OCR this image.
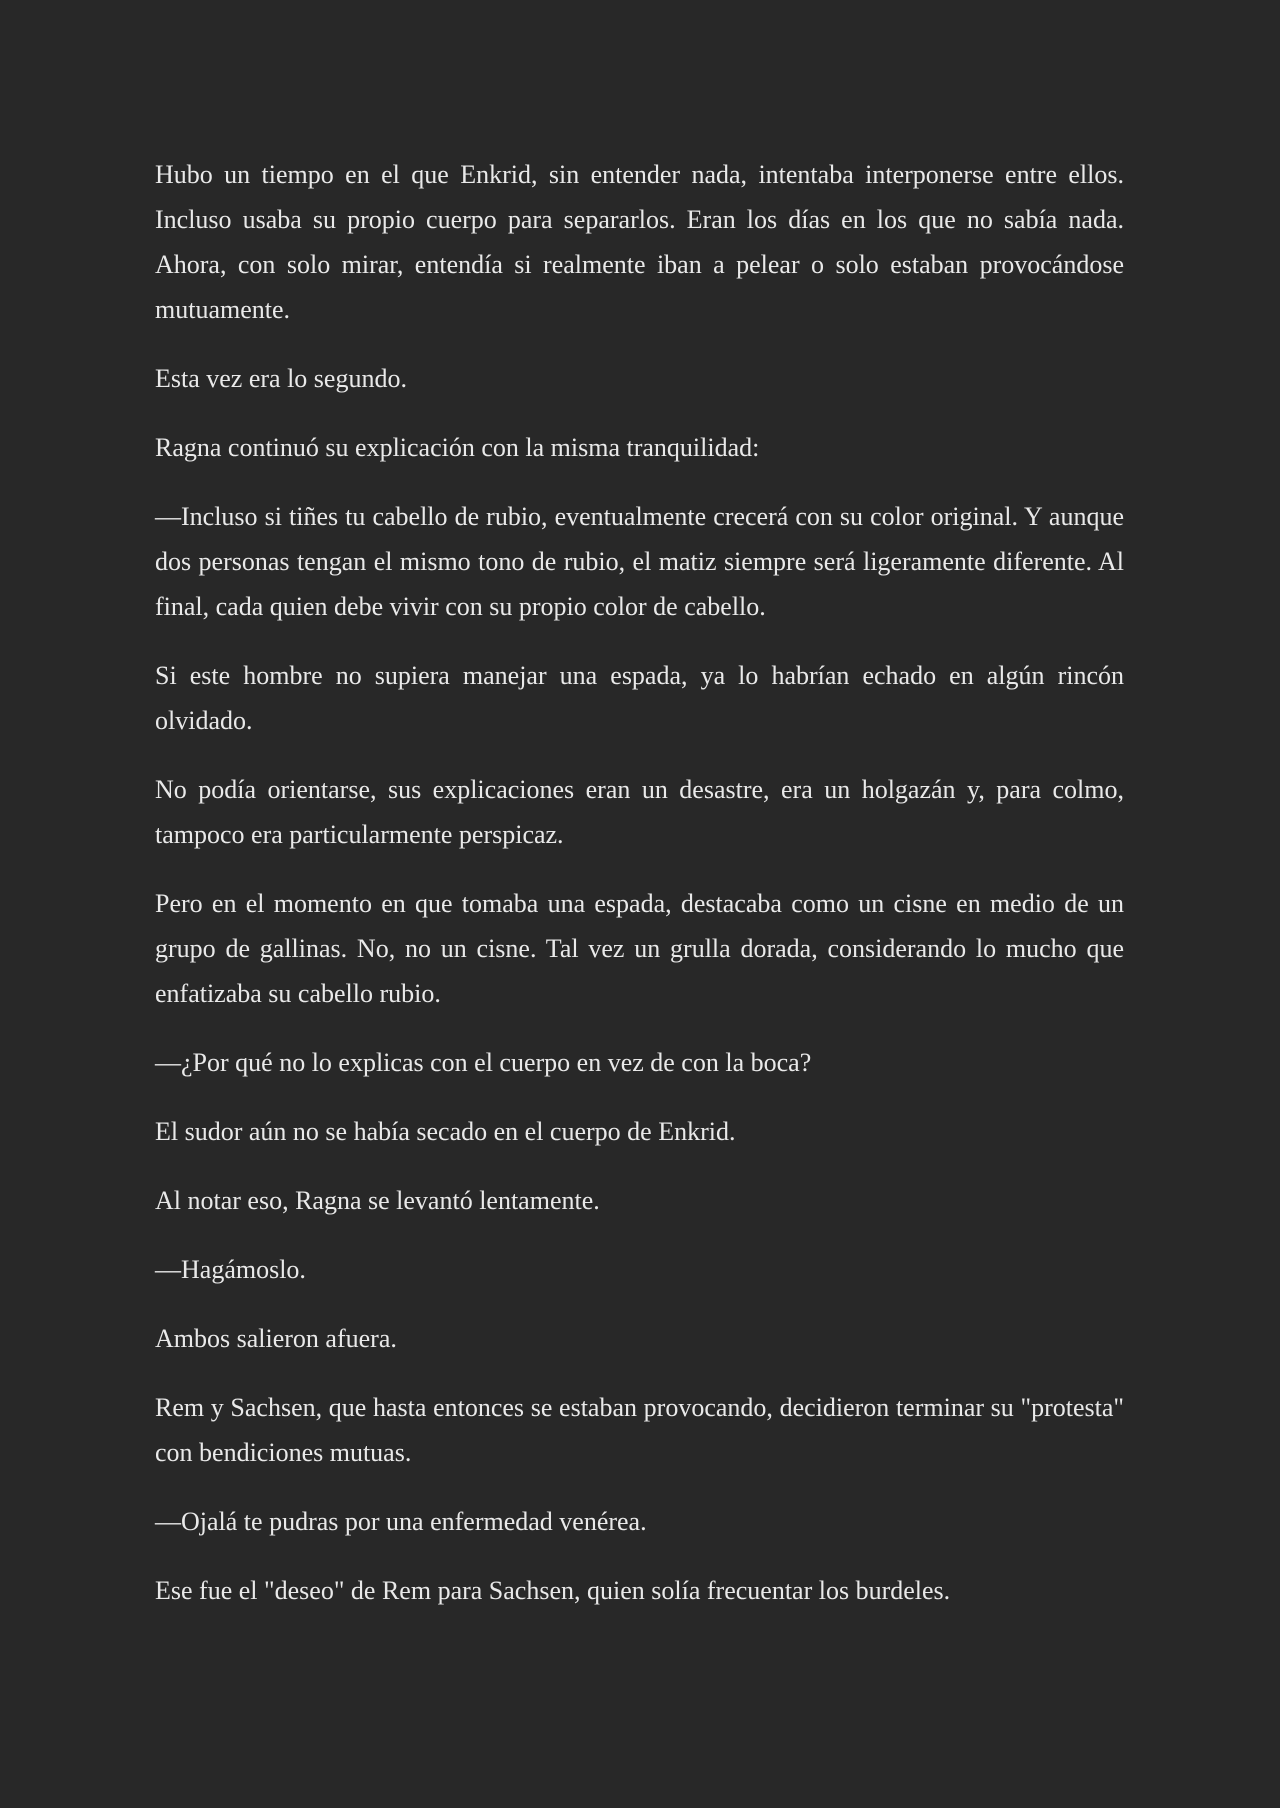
Hubo un tiempo en el que Enkrid, sin entender nada, intentaba interponerse entre ellos. Incluso usaba su propio cuerpo para separarlos. Eran los días en los que no sabía nada. Ahora, con solo mirar, entendía si realmente iban a pelear o solo estaban provocándose mutuamente.

Esta vez era lo segundo.

Ragna continuó su explicación con la misma tranquilidad:

—Incluso si tiñes tu cabello de rubio, eventualmente crecerá con su color original. Y aunque dos personas tengan el mismo tono de rubio, el matiz siempre será ligeramente diferente. Al final, cada quien debe vivir con su propio color de cabello.

Si este hombre no supiera manejar una espada, ya lo habrían echado en algún rincón olvidado.

No podía orientarse, sus explicaciones eran un desastre, era un holgazán y, para colmo, tampoco era particularmente perspicaz.

Pero en el momento en que tomaba una espada, destacaba como un cisne en medio de un grupo de gallinas. No, no un cisne. Tal vez un grulla dorada, considerando lo mucho que enfatizaba su cabello rubio.

—¿Por qué no lo explicas con el cuerpo en vez de con la boca?

El sudor aún no se había secado en el cuerpo de Enkrid.

Al notar eso, Ragna se levantó lentamente.

—Hagámoslo.

Ambos salieron afuera.

Rem y Sachsen, que hasta entonces se estaban provocando, decidieron terminar su "protesta" con bendiciones mutuas.

—Ojalá te pudras por una enfermedad venérea.

Ese fue el "deseo" de Rem para Sachsen, quien solía frecuentar los burdeles.
